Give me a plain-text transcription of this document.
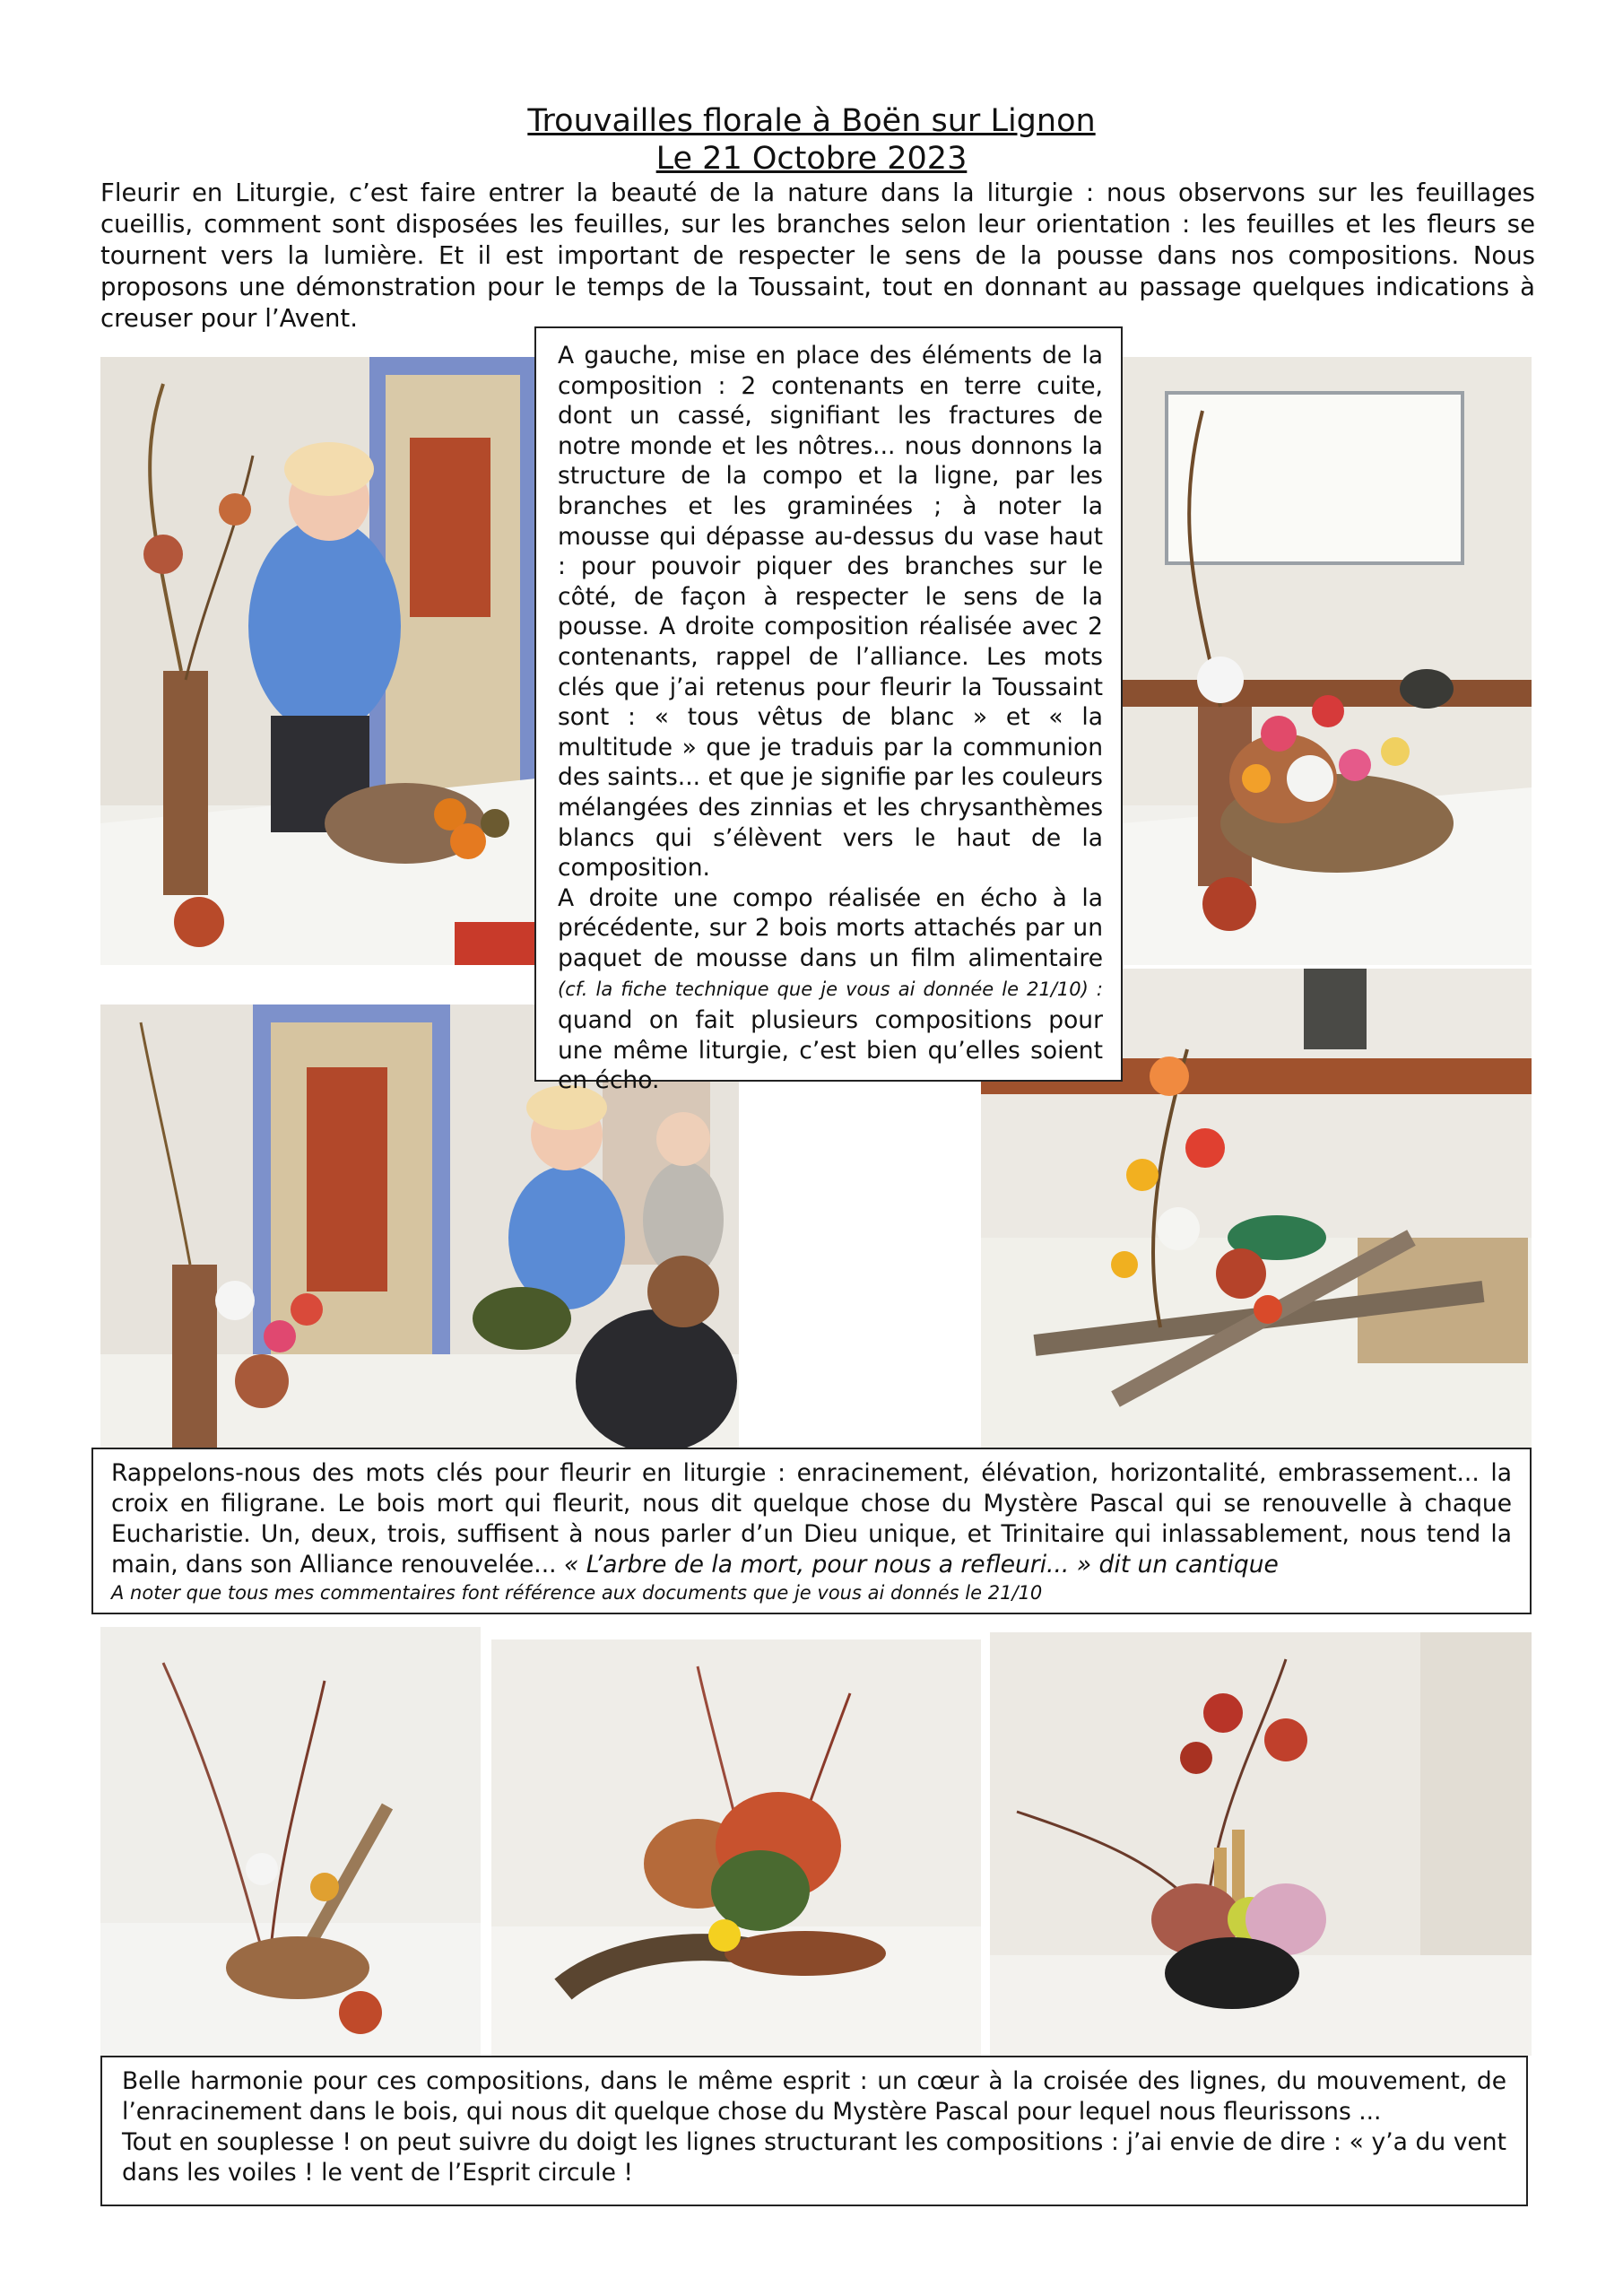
Trouvailles florale à Boën sur Lignon
Le 21 Octobre 2023
Fleurir en Liturgie, c’est faire entrer la beauté de la nature dans la liturgie : nous observons sur les feuillages cueillis, comment sont disposées les feuilles, sur les branches selon leur orientation : les feuilles et les fleurs se tournent vers la lumière. Et il est important de respecter le sens de la pousse dans nos compositions. Nous proposons une démonstration pour le temps de la Toussaint, tout en donnant au passage quelques indications à creuser pour l’Avent.
A gauche, mise en place des éléments de la composition : 2 contenants en terre cuite, dont un cassé, signifiant les fractures de notre monde et les nôtres... nous donnons la structure de la compo et la ligne, par les branches et les graminées ; à noter la mousse qui dépasse au-dessus du vase haut : pour pouvoir piquer des branches sur le côté, de façon à respecter le sens de la pousse. A droite composition réalisée avec 2 contenants, rappel de l’alliance. Les mots clés que j’ai retenus pour fleurir la Toussaint sont : « tous vêtus de blanc » et « la multitude » que je traduis par la communion des saints... et que je signifie par les couleurs mélangées des zinnias et les chrysanthèmes blancs qui s’élèvent vers le haut de la composition.
A droite une compo réalisée en écho à la précédente, sur 2 bois morts attachés par un paquet de mousse dans un film alimentaire (cf. la fiche technique que je vous ai donnée le 21/10) : quand on fait plusieurs compositions pour une même liturgie, c’est bien qu’elles soient en écho.
Rappelons-nous des mots clés pour fleurir en liturgie : enracinement, élévation, horizontalité, embrassement... la croix en filigrane. Le bois mort qui fleurit, nous dit quelque chose du Mystère Pascal qui se renouvelle à chaque Eucharistie. Un, deux, trois, suffisent à nous parler d’un Dieu unique, et Trinitaire qui inlassablement, nous tend la main, dans son Alliance renouvelée... « L’arbre de la mort, pour nous a refleuri... » dit un cantique
A noter que tous mes commentaires font référence aux documents que je vous ai donnés le 21/10
Belle harmonie pour ces compositions, dans le même esprit : un cœur à la croisée des lignes, du mouvement, de l’enracinement dans le bois, qui nous dit quelque chose du Mystère Pascal pour lequel nous fleurissons ...
Tout en souplesse ! on peut suivre du doigt les lignes structurant les compositions : j’ai envie de dire : « y’a du vent dans les voiles ! le vent de l’Esprit circule !
